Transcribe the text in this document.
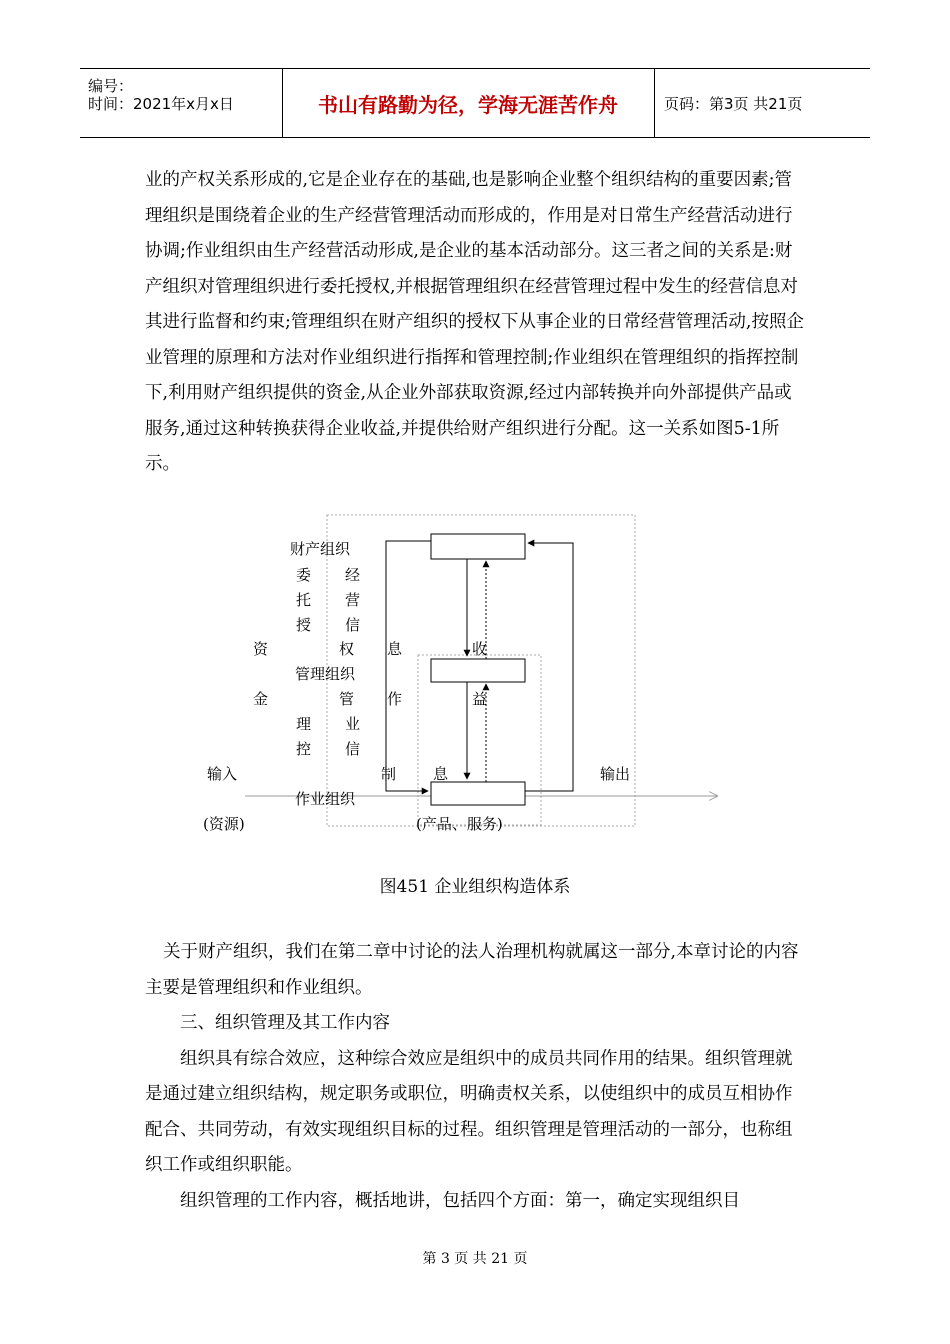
编号：
时间：2021年x月x日	书山有路勤为径，学海无涯苦作舟	页码：第3页 共21页

业的产权关系形成的,它是企业存在的基础,也是影响企业整个组织结构的重要因素;管理组织是围绕着企业的生产经营管理活动而形成的，作用是对日常生产经营活动进行协调;作业组织由生产经营活动形成,是企业的基本活动部分。这三者之间的关系是:财产组织对管理组织进行委托授权,并根据管理组织在经营管理过程中发生的经营信息对其进行监督和约束;管理组织在财产组织的授权下从事企业的日常经营管理活动,按照企业管理的原理和方法对作业组织进行指挥和管理控制;作业组织在管理组织的指挥控制下,利用财产组织提供的资金,从企业外部获取资源,经过内部转换并向外部提供产品或服务,通过这种转换获得企业收益,并提供给财产组织进行分配。这一关系如图5-1所示。

财产组织
委
托
授
权
经
营
信
息
资
金
收
益
管理组织
管 作
理
控
业
信
制 息
输入	输出
作业组织
(资源)	(产品、服务)
图451 企业组织构造体系

关于财产组织，我们在第二章中讨论的法人治理机构就属这一部分,本章讨论的内容主要是管理组织和作业组织。

三、组织管理及其工作内容

组织具有综合效应，这种综合效应是组织中的成员共同作用的结果。组织管理就是通过建立组织结构，规定职务或职位，明确责权关系，以使组织中的成员互相协作配合、共同劳动，有效实现组织目标的过程。组织管理是管理活动的一部分，也称组织工作或组织职能。

组织管理的工作内容，概括地讲，包括四个方面：第一，确定实现组织目

第 3 页 共 21 页
